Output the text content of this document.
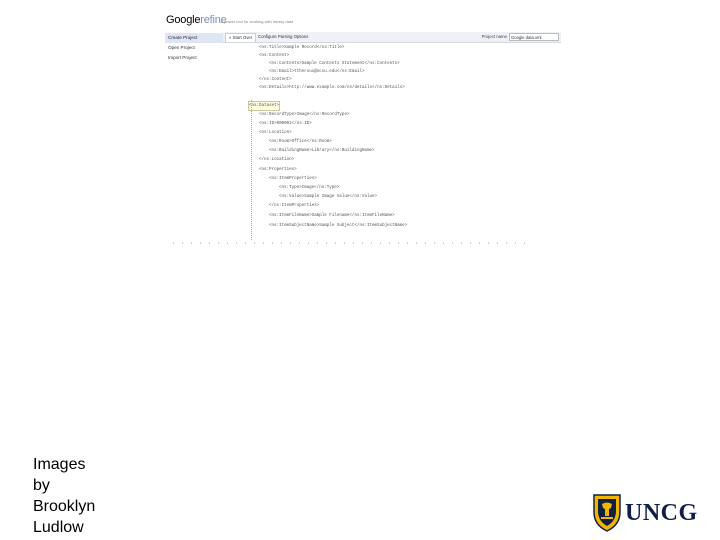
Googlerefine
a power tool for working with messy data
Create Project
Open Project
Import Project
« Start Over	Configure Parsing Options	Project nameGoogle data.xml
<ns:Title>Sample Record</ns:Title>
<ns:Content>
<ns:Contents>Sample Contents Statement</ns:Contents>
<ns:Email>ttheroux@ncsu.edu</ns:Email>
</ns:Content>
<ns:Details>http://www.example.com/ns/details</ns:Details>
<ns:Dataset>
<ns:RecordType>Image</ns:RecordType>
<ns:ID>000001</ns:ID>
<ns:Location>
<ns:Room>Office</ns:Room>
<ns:BuildingName>Library</ns:BuildingName>
</ns:Location>
<ns:Properties>
<ns:ItemProperties>
<ns:Type>Image</ns:Type>
<ns:Value>Sample Image Value</ns:Value>
</ns:ItemProperties>
<ns:ItemFileName>Sample Filename</ns:ItemFileName>
<ns:ItemSubjectName>Sample Subject</ns:ItemSubjectName>
Images
by
Brooklyn
Ludlow
UNCG
